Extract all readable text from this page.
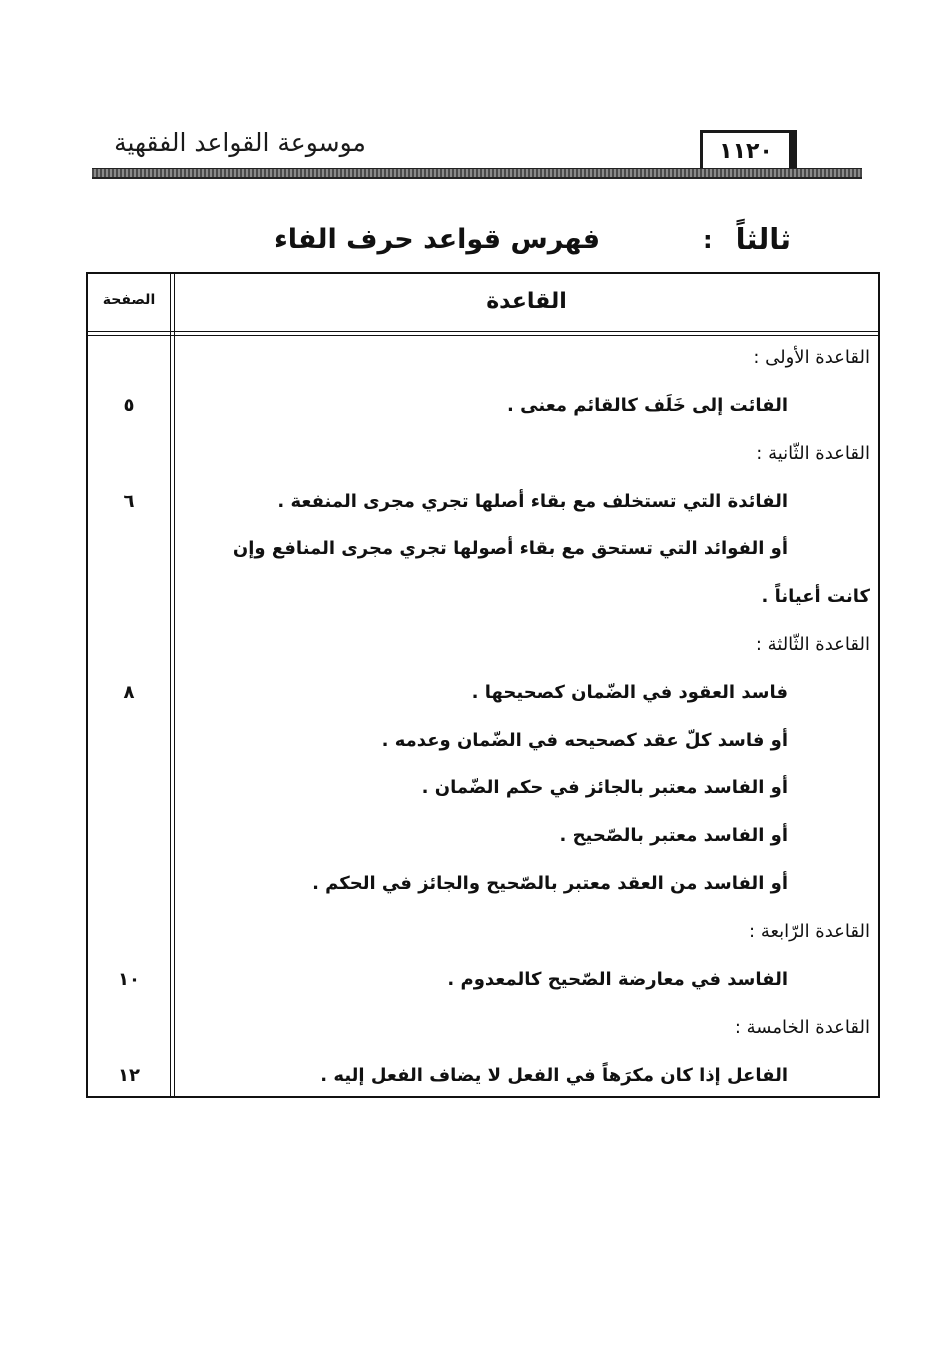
موسوعة القواعد الفقهية	١١٢٠
ثالثاً
:
فهرس قواعد حرف الفاء
الصفحة	القاعدة
القاعدة الأولى :
الفائت إلى خَلَف كالقائم معنى .
٥
القاعدة الثّانية :
الفائدة التي تستخلف مع بقاء أصلها تجري مجرى المنفعة .
٦
أو الفوائد التي تستحق مع بقاء أصولها تجري مجرى المنافع وإن
كانت أعياناً .
القاعدة الثّالثة :
فاسد العقود في الضّمان كصحيحها .
٨
أو فاسد كلّ عقد كصحيحه في الضّمان وعدمه .
أو الفاسد معتبر بالجائز في حكم الضّمان .
أو الفاسد معتبر بالصّحيح .
أو الفاسد من العقد معتبر بالصّحيح والجائز في الحكم .
القاعدة الرّابعة :
الفاسد في معارضة الصّحيح كالمعدوم .
١٠
القاعدة الخامسة :
الفاعل إذا كان مكرَهاً في الفعل لا يضاف الفعل إليه .
١٢
